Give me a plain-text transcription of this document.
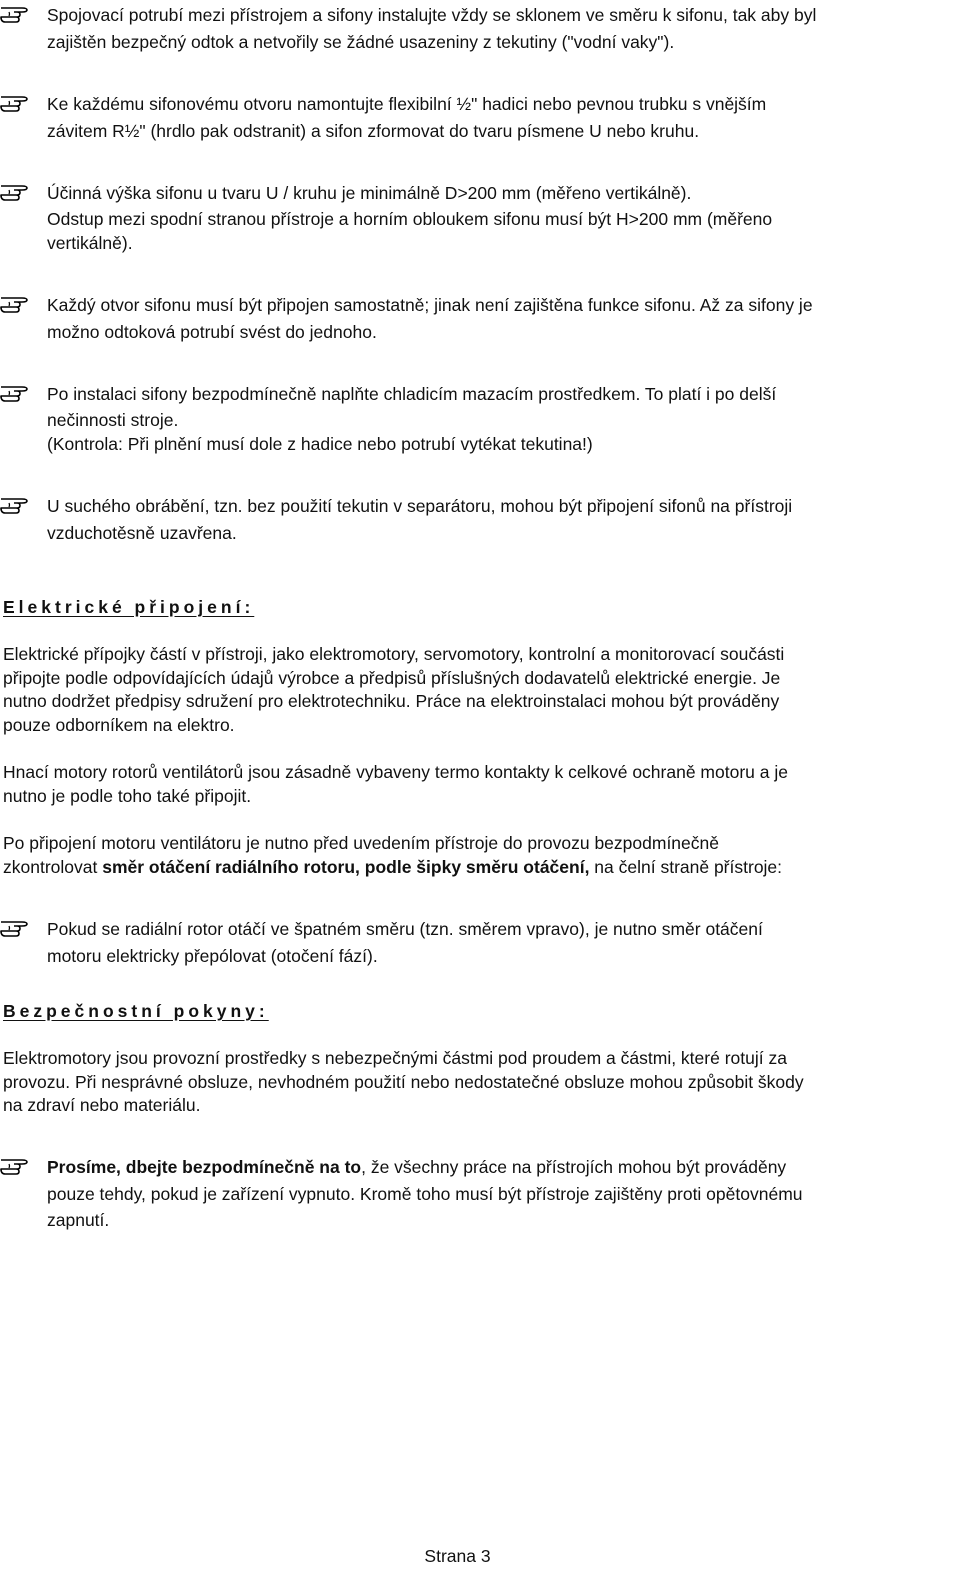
Spojovací potrubí mezi přístrojem a sifony instalujte vždy se sklonem ve směru k sifonu, tak aby byl
zajištěn bezpečný odtok a netvořily se žádné usazeniny z tekutiny ("vodní vaky").
Ke každému sifonovému otvoru namontujte flexibilní ½" hadici nebo pevnou trubku s vnějším
závitem R½" (hrdlo pak odstranit) a sifon zformovat do tvaru písmene U nebo kruhu.
Účinná výška sifonu u tvaru U / kruhu je minimálně D>200 mm (měřeno vertikálně).
Odstup mezi spodní stranou přístroje a horním obloukem sifonu musí být H>200 mm (měřeno
vertikálně).
Každý otvor sifonu musí být připojen samostatně; jinak není zajištěna funkce sifonu. Až za sifony je
možno odtoková potrubí svést do jednoho.
Po instalaci sifony bezpodmínečně naplňte chladicím mazacím prostředkem. To platí i po delší
nečinnosti stroje.
(Kontrola: Při plnění musí dole z hadice nebo potrubí vytékat tekutina!)
U suchého obrábění, tzn. bez použití tekutin v separátoru, mohou být připojení sifonů na přístroji
vzduchotěsně uzavřena.
Elektrické připojení:
Elektrické přípojky částí v přístroji, jako elektromotory, servomotory, kontrolní a monitorovací součásti
připojte podle odpovídajících údajů výrobce a předpisů příslušných dodavatelů elektrické energie. Je
nutno dodržet předpisy sdružení pro elektrotechniku. Práce na elektroinstalaci mohou být prováděny
pouze odborníkem na elektro.
Hnací motory rotorů ventilátorů jsou zásadně vybaveny termo kontakty k celkové ochraně motoru a je
nutno je podle toho také připojit.
Po připojení motoru ventilátoru je nutno před uvedením přístroje do provozu bezpodmínečně
zkontrolovat směr otáčení radiálního rotoru, podle šipky směru otáčení, na čelní straně přístroje:
Pokud se radiální rotor otáčí ve špatném směru (tzn. směrem vpravo), je nutno směr otáčení
motoru elektricky přepólovat (otočení fází).
Bezpečnostní pokyny:
Elektromotory jsou provozní prostředky s nebezpečnými částmi pod proudem a částmi, které rotují za
provozu. Při nesprávné obsluze, nevhodném použití nebo nedostatečné obsluze mohou způsobit škody
na zdraví nebo materiálu.
Prosíme, dbejte bezpodmínečně na to, že všechny práce na přístrojích mohou být prováděny
pouze tehdy, pokud je zařízení vypnuto. Kromě toho musí být přístroje zajištěny proti opětovnému
zapnutí.
Strana 3
